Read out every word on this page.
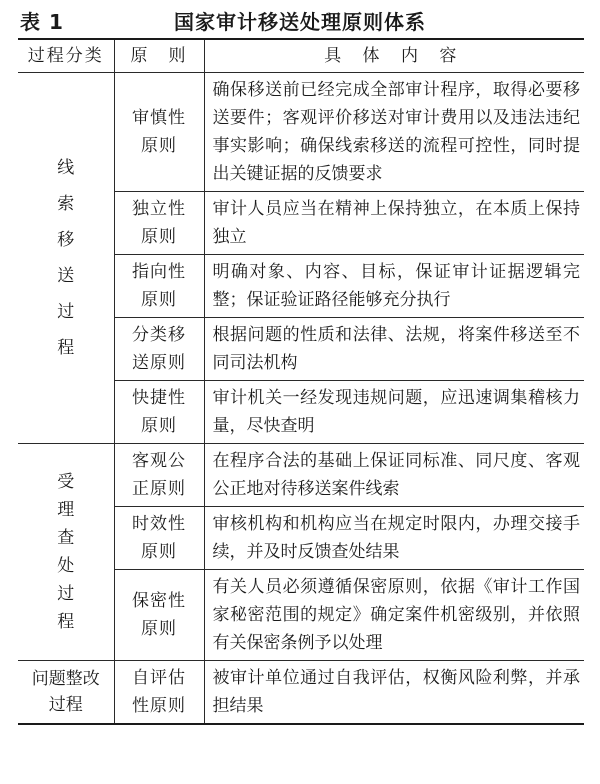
表 1	国家审计移送处理原则体系
过程分类	原　则	具 体 内 容
线索移送过程	审慎性原则	确保移送前已经完成全部审计程序，取得必要移送要件；客观评价移送对审计费用以及违法违纪事实影响；确保线索移送的流程可控性，同时提出关键证据的反馈要求
	独立性原则	审计人员应当在精神上保持独立，在本质上保持独立
	指向性原则	明确对象、内容、目标，保证审计证据逻辑完整；保证验证路径能够充分执行
	分类移送原则	根据问题的性质和法律、法规，将案件移送至不同司法机构
	快捷性原则	审计机关一经发现违规问题，应迅速调集稽核力量，尽快查明
受理查处过程	客观公正原则	在程序合法的基础上保证同标准、同尺度、客观公正地对待移送案件线索
	时效性原则	审核机构和机构应当在规定时限内，办理交接手续，并及时反馈查处结果
	保密性原则	有关人员必须遵循保密原则，依据《审计工作国家秘密范围的规定》确定案件机密级别，并依照有关保密条例予以处理
问题整改过程	自评估性原则	被审计单位通过自我评估，权衡风险利弊，并承担结果
